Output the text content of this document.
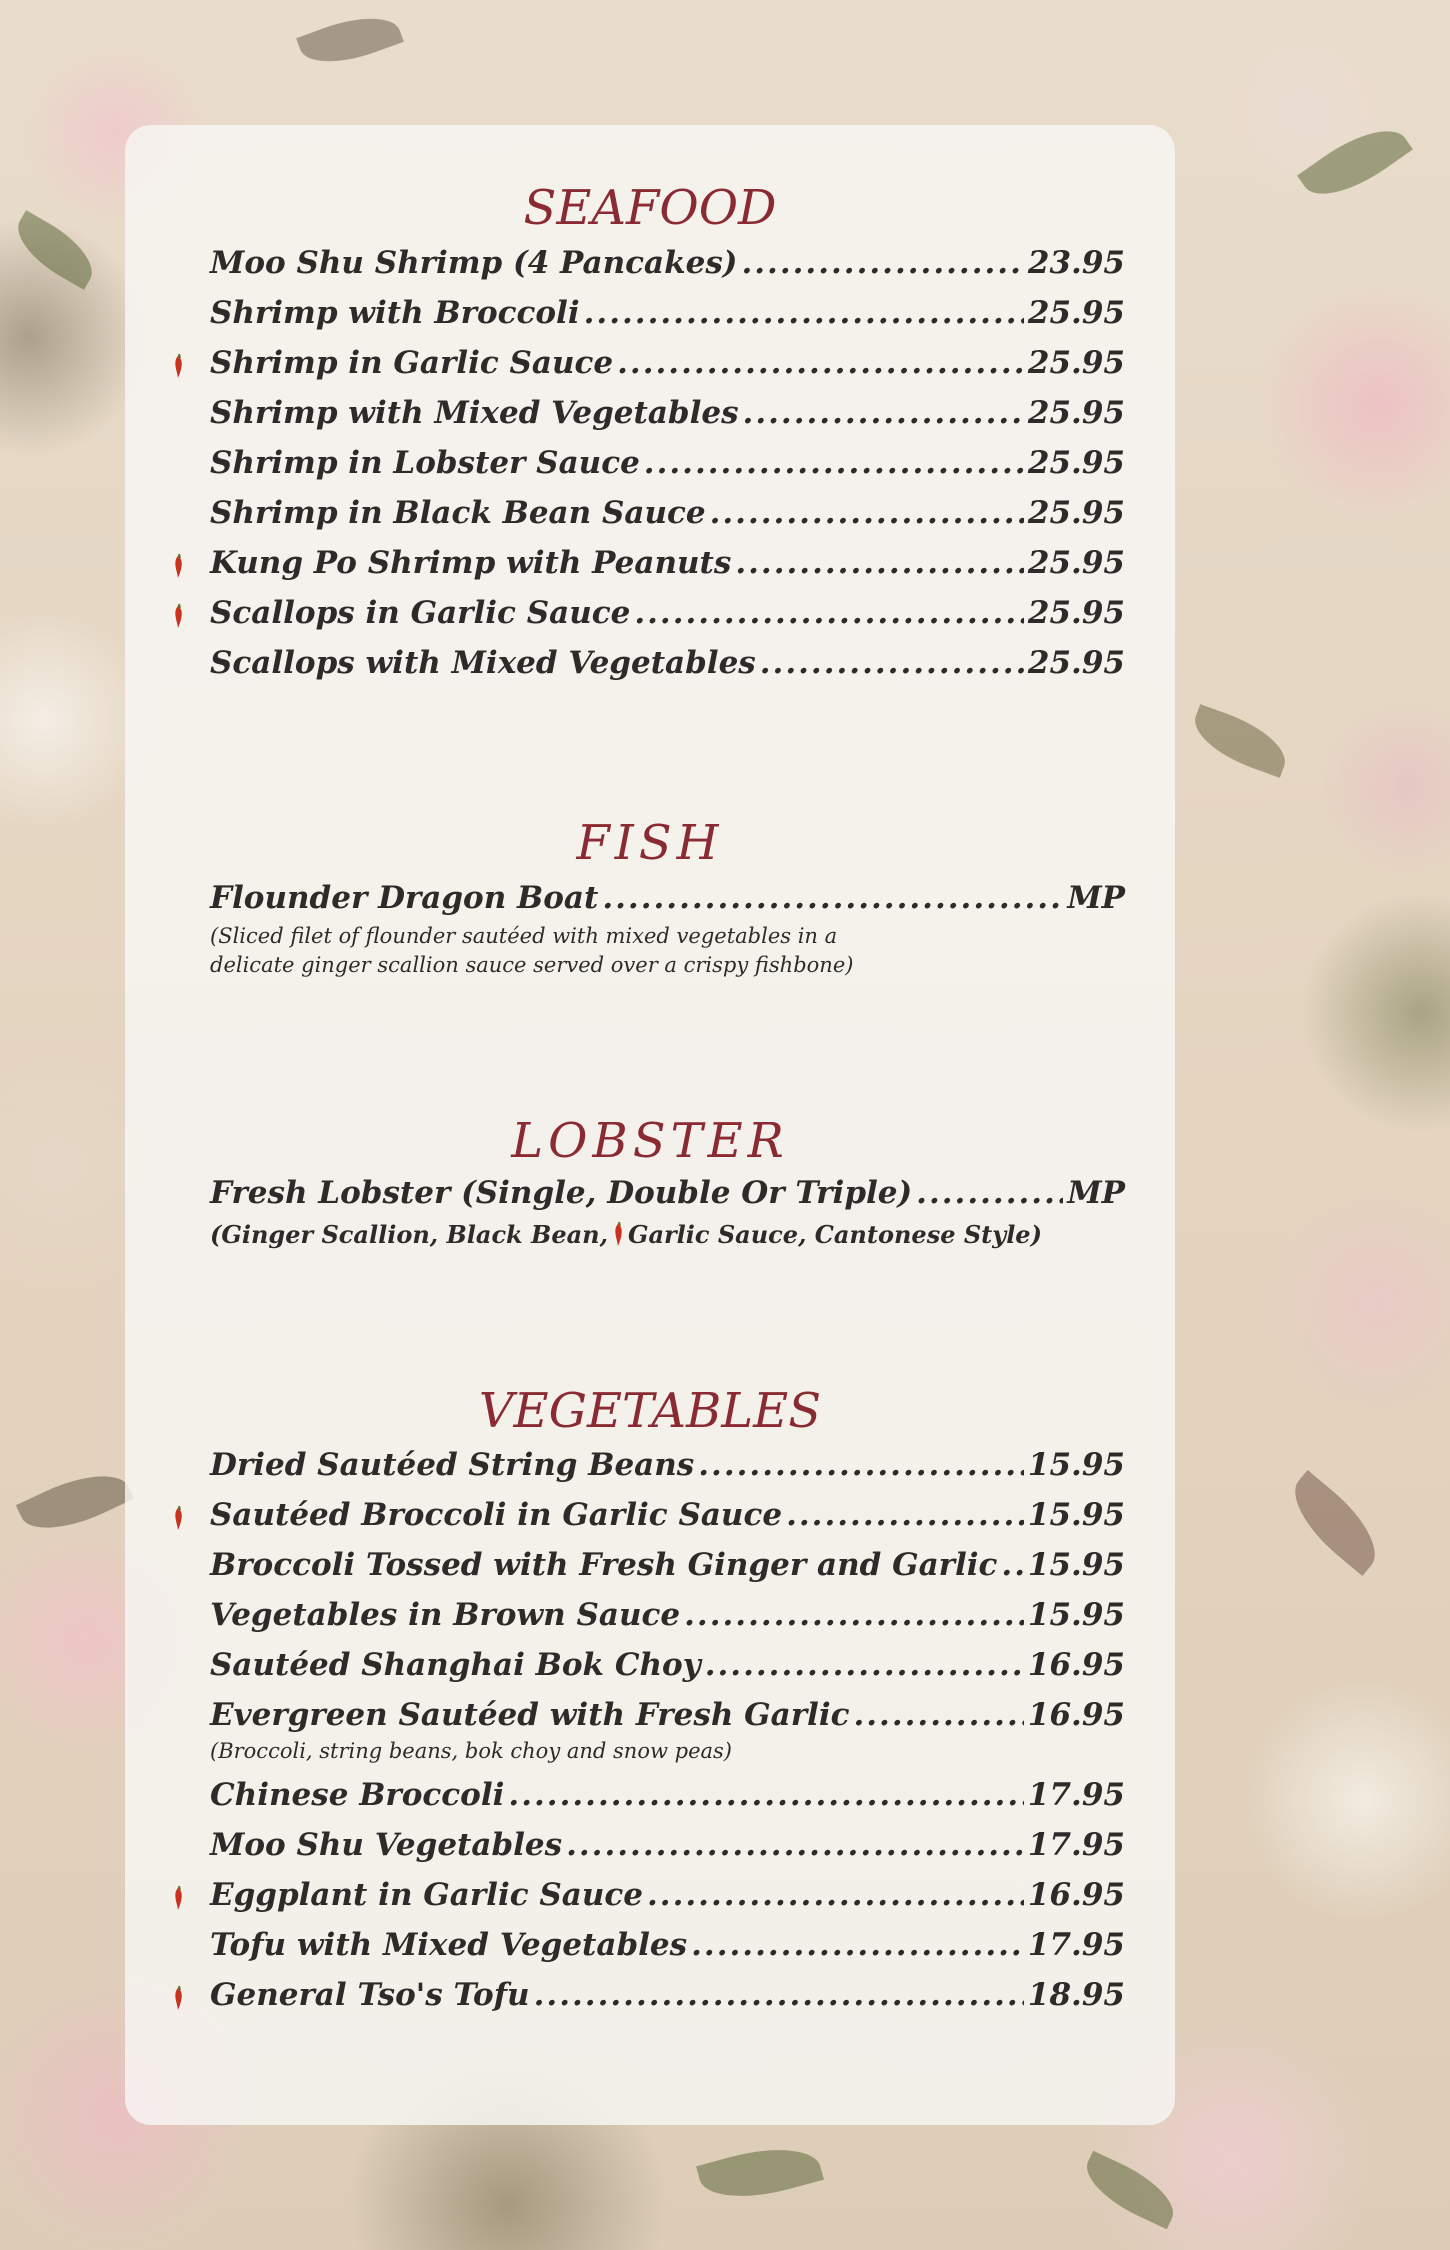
SEAFOOD
Moo Shu Shrimp (4 Pancakes) .....	23.95
Shrimp with Broccoli .....	25.95
Shrimp in Garlic Sauce .....	25.95
Shrimp with Mixed Vegetables .....	25.95
Shrimp in Lobster Sauce .....	25.95
Shrimp in Black Bean Sauce .....	25.95
Kung Po Shrimp with Peanuts .....	25.95
Scallops in Garlic Sauce .....	25.95
Scallops with Mixed Vegetables .....	25.95
FISH
Flounder Dragon Boat .....	MP
(Sliced filet of flounder sautéed with mixed vegetables in a
delicate ginger scallion sauce served over a crispy fishbone)
LOBSTER
Fresh Lobster (Single, Double Or Triple) .....	MP
(Ginger Scallion, Black Bean, Garlic Sauce, Cantonese Style)
VEGETABLES
Dried Sautéed String Beans .....	15.95
Sautéed Broccoli in Garlic Sauce .....	15.95
Broccoli Tossed with Fresh Ginger and Garlic ..... 15.95
Vegetables in Brown Sauce .....	15.95
Sautéed Shanghai Bok Choy .....	16.95
Evergreen Sautéed with Fresh Garlic .....	16.95
(Broccoli, string beans, bok choy and snow peas)
Chinese Broccoli .....	17.95
Moo Shu Vegetables .....	17.95
Eggplant in Garlic Sauce .....	16.95
Tofu with Mixed Vegetables .....	17.95
General Tso's Tofu .....	18.95
